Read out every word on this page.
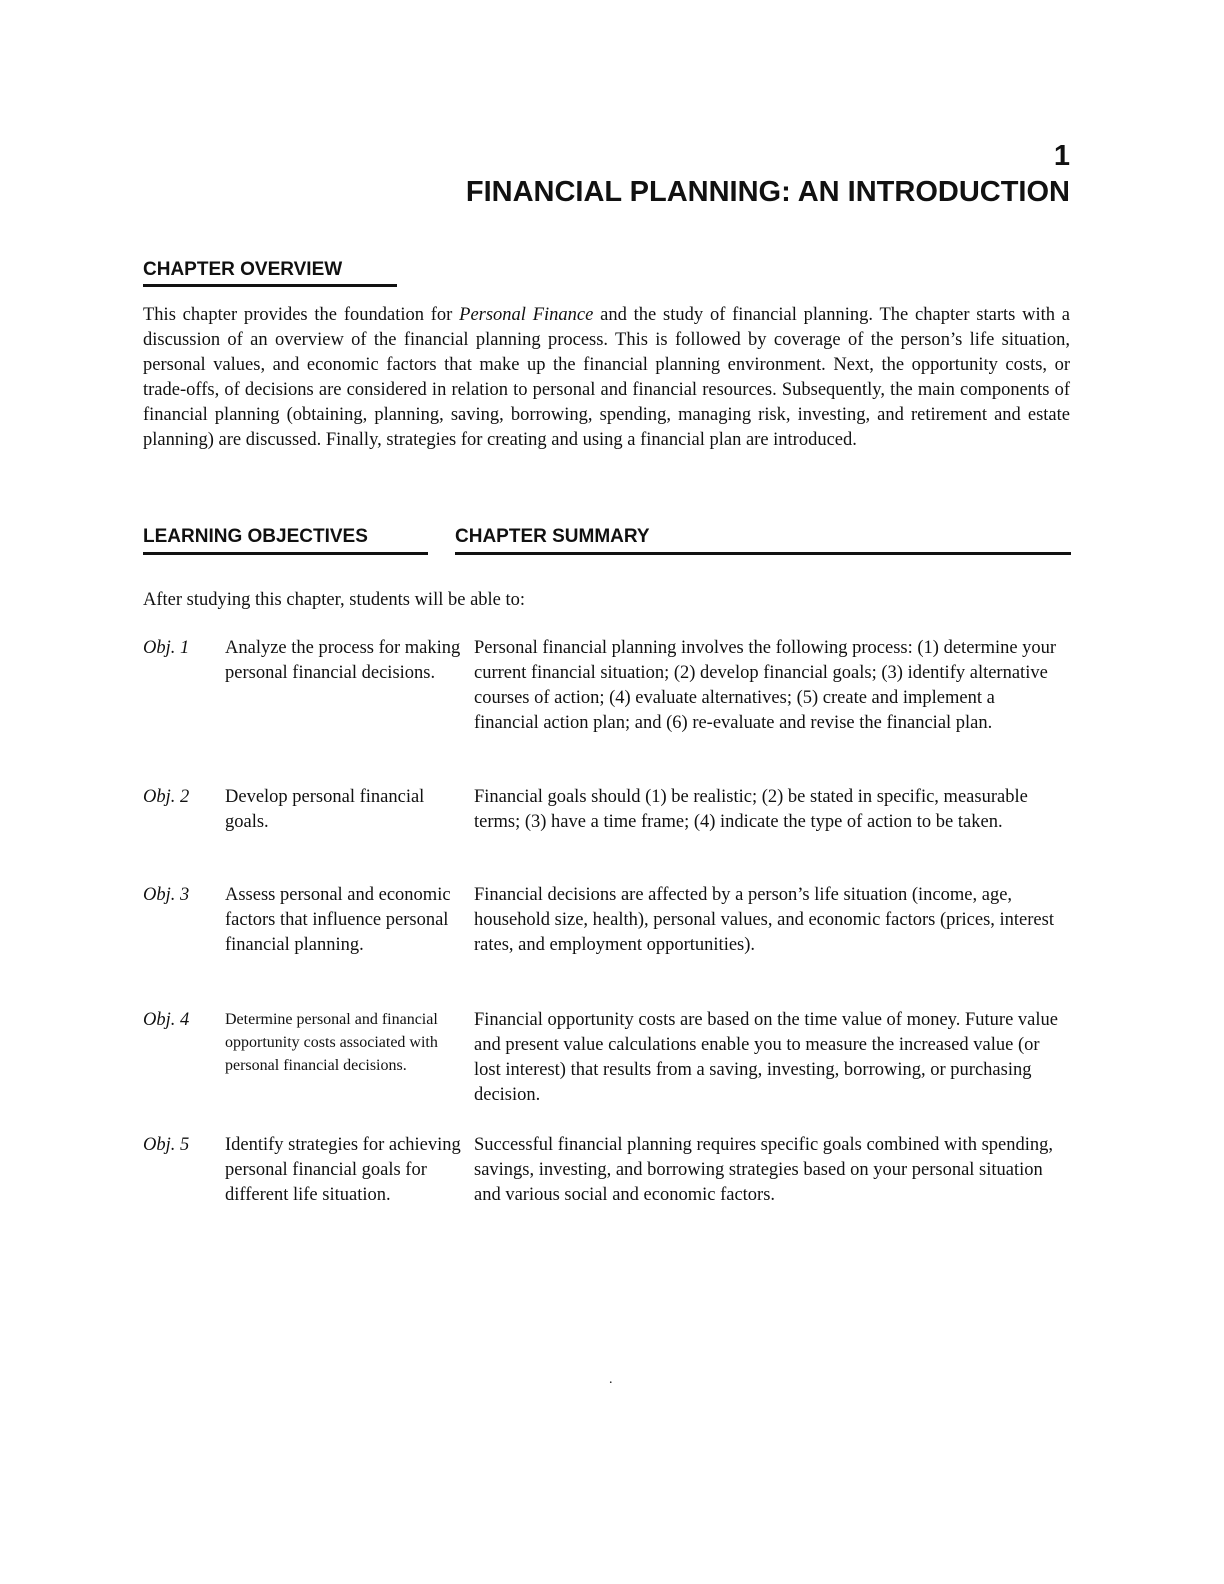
1
FINANCIAL PLANNING: AN INTRODUCTION
CHAPTER OVERVIEW

This chapter provides the foundation for Personal Finance and the study of financial planning. The chapter starts with a discussion of an overview of the financial planning process. This is followed by coverage of the person’s life situation, personal values, and economic factors that make up the financial planning environment. Next, the opportunity costs, or trade-offs, of decisions are considered in relation to personal and financial resources. Subsequently, the main components of financial planning (obtaining, planning, saving, borrowing, spending, managing risk, investing, and retirement and estate planning) are discussed. Finally, strategies for creating and using a financial plan are introduced.

LEARNING OBJECTIVES	CHAPTER SUMMARY

After studying this chapter, students will be able to:

Obj. 1 Analyze the process for making personal financial decisions.
Personal financial planning involves the following process: (1) determine your current financial situation; (2) develop financial goals; (3) identify alternative courses of action; (4) evaluate alternatives; (5) create and implement a financial action plan; and (6) re-evaluate and revise the financial plan.
Obj. 2 Develop personal financial goals.
Financial goals should (1) be realistic; (2) be stated in specific, measurable terms; (3) have a time frame; (4) indicate the type of action to be taken.
Obj. 3 Assess personal and economic factors that influence personal financial planning.
Financial decisions are affected by a person’s life situation (income, age, household size, health), personal values, and economic factors (prices, interest rates, and employment opportunities).
Obj. 4 Determine personal and financial opportunity costs associated with personal financial decisions.
Financial opportunity costs are based on the time value of money. Future value and present value calculations enable you to measure the increased value (or lost interest) that results from a saving, investing, borrowing, or purchasing decision.
Obj. 5 Identify strategies for achieving personal financial goals for different life situation.
Successful financial planning requires specific goals combined with spending, savings, investing, and borrowing strategies based on your personal situation and various social and economic factors.
.
